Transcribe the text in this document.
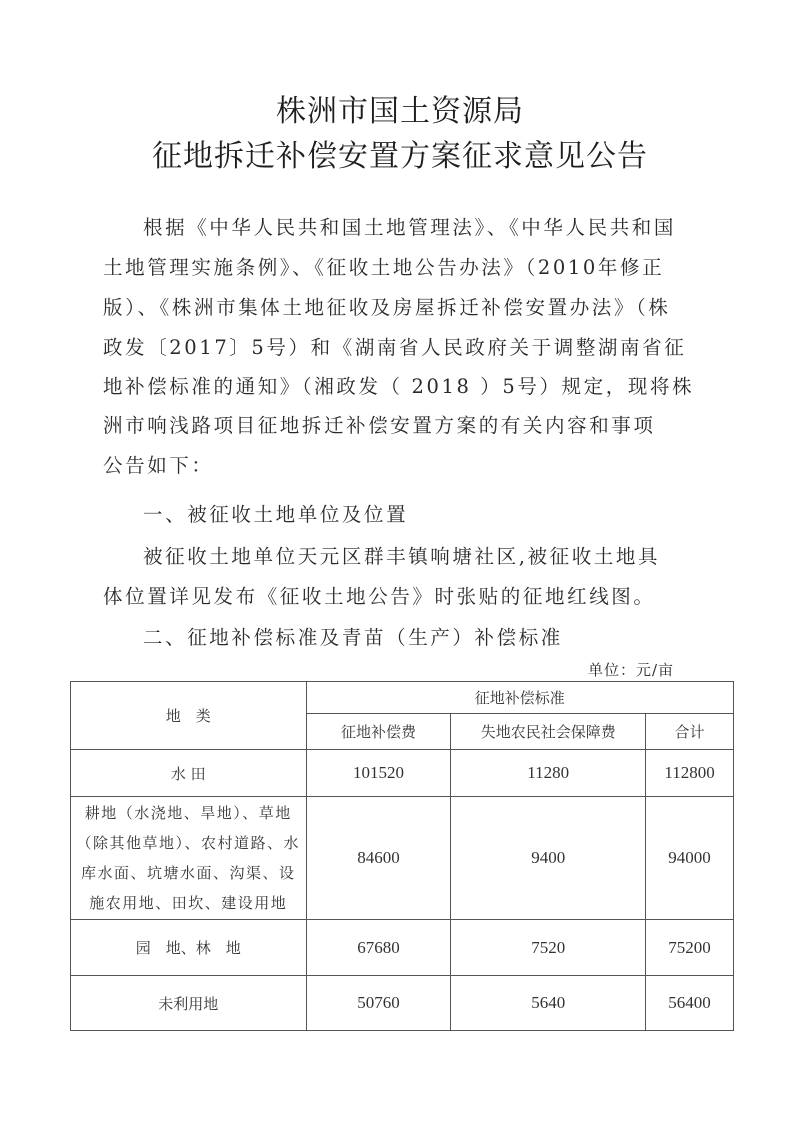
株洲市国土资源局
征地拆迁补偿安置方案征求意见公告
根据《中华人民共和国土地管理法》、《中华人民共和国
土地管理实施条例》、《征收土地公告办法》（2010年修正
版）、《株洲市集体土地征收及房屋拆迁补偿安置办法》（株
政发〔2017〕5号）和《湖南省人民政府关于调整湖南省征
地补偿标准的通知》（湘政发（ 2018 ）5号）规定，现将株
洲市响浅路项目征地拆迁补偿安置方案的有关内容和事项
公告如下：
一、被征收土地单位及位置
被征收土地单位天元区群丰镇响塘社区,被征收土地具
体位置详见发布《征收土地公告》时张贴的征地红线图。
二、征地补偿标准及青苗（生产）补偿标准
单位：元/亩
地　类	征地补偿标准		
	征地补偿费	失地农民社会保障费	合计
水 田	101520	11280	112800
耕地（水浇地、旱地）、草地（除其他草地）、农村道路、水库水面、坑塘水面、沟渠、设施农用地、田坎、建设用地	84600	9400	94000
园　地、林　地	67680	7520	75200
未利用地	50760	5640	56400
